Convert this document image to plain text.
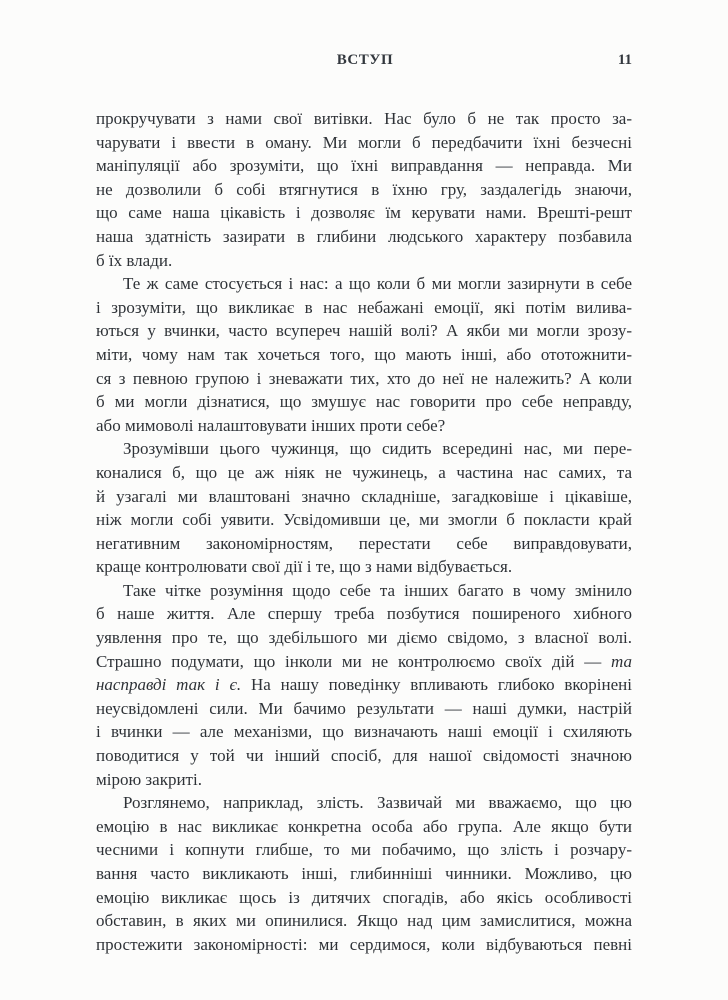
ВСТУП	11
прокручувати з нами свої витівки. Нас було б не так просто за-
чарувати і ввести в оману. Ми могли б передбачити їхні безчесні
маніпуляції або зрозуміти, що їхні виправдання — неправда. Ми
не дозволили б собі втягнутися в їхню гру, заздалегідь знаючи,
що саме наша цікавість і дозволяє їм керувати нами. Врешті-решт
наша здатність зазирати в глибини людського характеру позбавила
б їх влади.
Те ж саме стосується і нас: а що коли б ми могли зазирнути в себе
і зрозуміти, що викликає в нас небажані емоції, які потім вилива-
ються у вчинки, часто всупереч нашій волі? А якби ми могли зрозу-
міти, чому нам так хочеться того, що мають інші, або ототожнити-
ся з певною групою і зневажати тих, хто до неї не належить? А коли
б ми могли дізнатися, що змушує нас говорити про себе неправду,
або мимоволі налаштовувати інших проти себе?
Зрозумівши цього чужинця, що сидить всередині нас, ми пере-
коналися б, що це аж ніяк не чужинець, а частина нас самих, та
й узагалі ми влаштовані значно складніше, загадковіше і цікавіше,
ніж могли собі уявити. Усвідомивши це, ми змогли б покласти край
негативним закономірностям, перестати себе виправдовувати,
краще контролювати свої дії і те, що з нами відбувається.
Таке чітке розуміння щодо себе та інших багато в чому змінило
б наше життя. Але спершу треба позбутися поширеного хибного
уявлення про те, що здебільшого ми діємо свідомо, з власної волі.
Страшно подумати, що інколи ми не контролюємо своїх дій — та
насправді так і є. На нашу поведінку впливають глибоко вкорінені
неусвідомлені сили. Ми бачимо результати — наші думки, настрій
і вчинки — але механізми, що визначають наші емоції і схиляють
поводитися у той чи інший спосіб, для нашої свідомості значною
мірою закриті.
Розглянемо, наприклад, злість. Зазвичай ми вважаємо, що цю
емоцію в нас викликає конкретна особа або група. Але якщо бути
чесними і копнути глибше, то ми побачимо, що злість і розчару-
вання часто викликають інші, глибинніші чинники. Можливо, цю
емоцію викликає щось із дитячих спогадів, або якісь особливості
обставин, в яких ми опинилися. Якщо над цим замислитися, можна
простежити закономірності: ми сердимося, коли відбуваються певні
